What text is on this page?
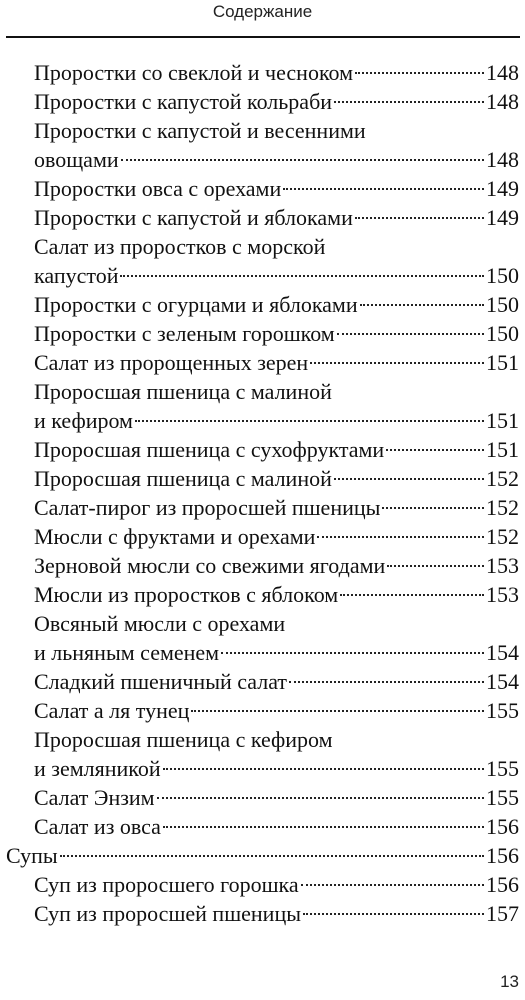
Содержание
Проростки со свеклой и чесноком	148
Проростки с капустой кольраби	148
Проростки с капустой и весенними
овощами	148
Проростки овса с орехами	149
Проростки с капустой и яблоками	149
Салат из проростков с морской
капустой	150
Проростки с огурцами и яблоками	150
Проростки с зеленым горошком	150
Салат из пророщенных зерен	151
Проросшая пшеница с малиной
и кефиром	151
Проросшая пшеница с сухофруктами	151
Проросшая пшеница с малиной	152
Салат-пирог из проросшей пшеницы	152
Мюсли с фруктами и орехами	152
Зерновой мюсли со свежими ягодами	153
Мюсли из проростков с яблоком	153
Овсяный мюсли с орехами
и льняным семенем	154
Сладкий пшеничный салат	154
Салат а ля тунец	155
Проросшая пшеница с кефиром
и земляникой	155
Салат Энзим	155
Салат из овса	156
Супы	156
Суп из проросшего горошка	156
Суп из проросшей пшеницы	157
13
